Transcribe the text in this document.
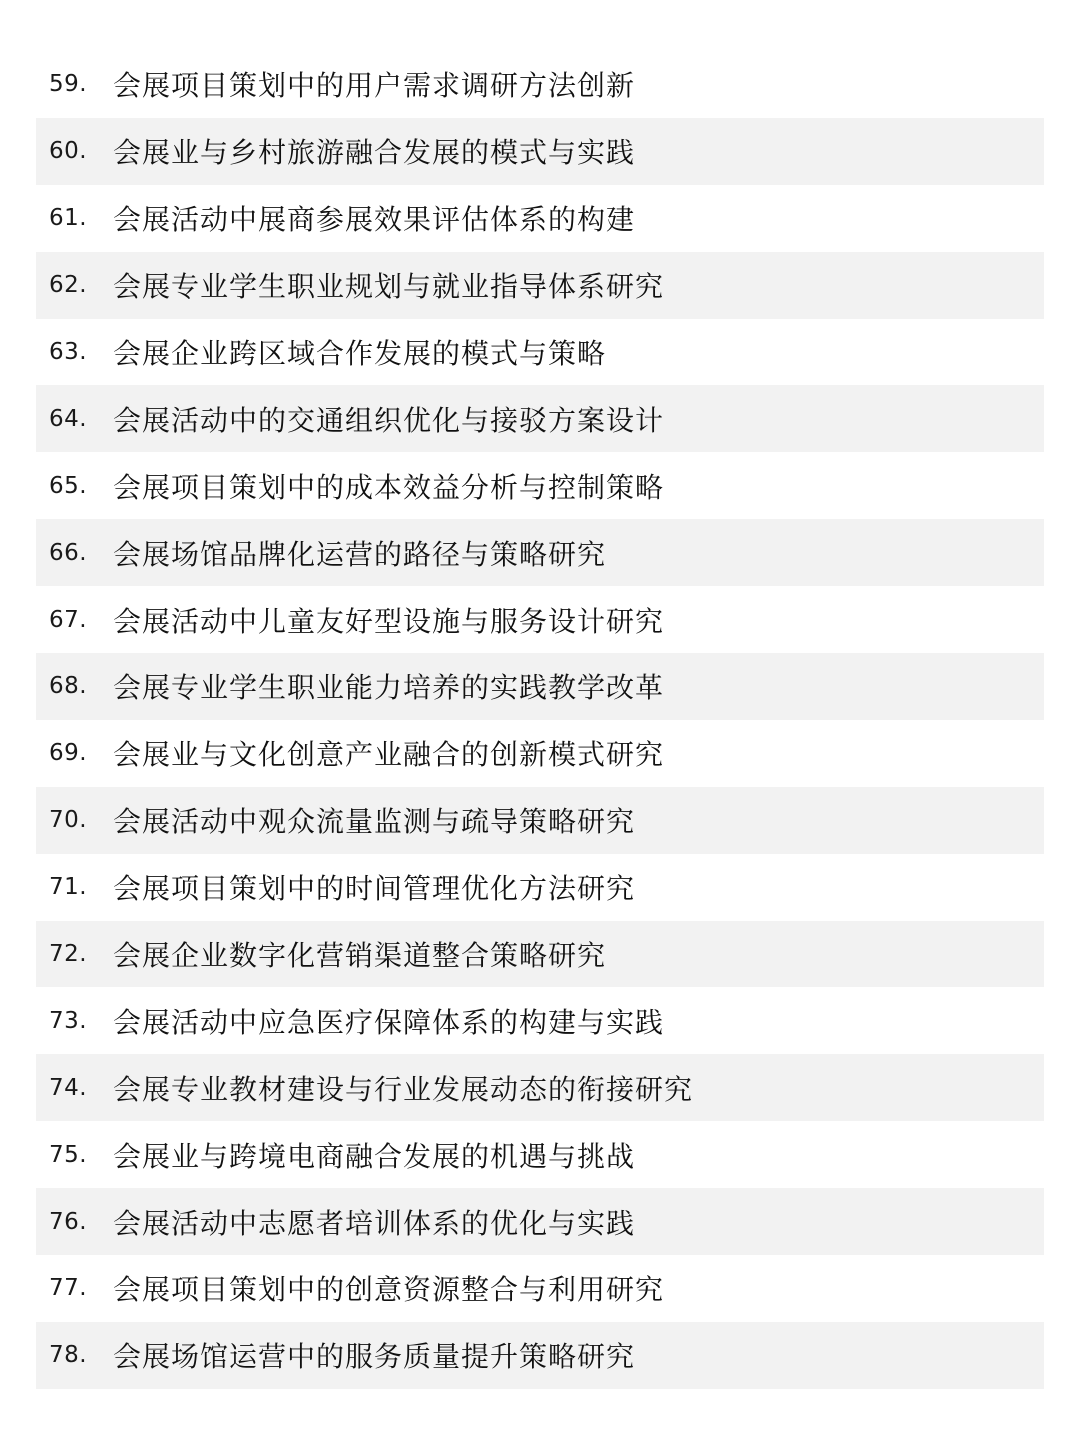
59. 会展项目策划中的用户需求调研方法创新
60. 会展业与乡村旅游融合发展的模式与实践
61. 会展活动中展商参展效果评估体系的构建
62. 会展专业学生职业规划与就业指导体系研究
63. 会展企业跨区域合作发展的模式与策略
64. 会展活动中的交通组织优化与接驳方案设计
65. 会展项目策划中的成本效益分析与控制策略
66. 会展场馆品牌化运营的路径与策略研究
67. 会展活动中儿童友好型设施与服务设计研究
68. 会展专业学生职业能力培养的实践教学改革
69. 会展业与文化创意产业融合的创新模式研究
70. 会展活动中观众流量监测与疏导策略研究
71. 会展项目策划中的时间管理优化方法研究
72. 会展企业数字化营销渠道整合策略研究
73. 会展活动中应急医疗保障体系的构建与实践
74. 会展专业教材建设与行业发展动态的衔接研究
75. 会展业与跨境电商融合发展的机遇与挑战
76. 会展活动中志愿者培训体系的优化与实践
77. 会展项目策划中的创意资源整合与利用研究
78. 会展场馆运营中的服务质量提升策略研究
